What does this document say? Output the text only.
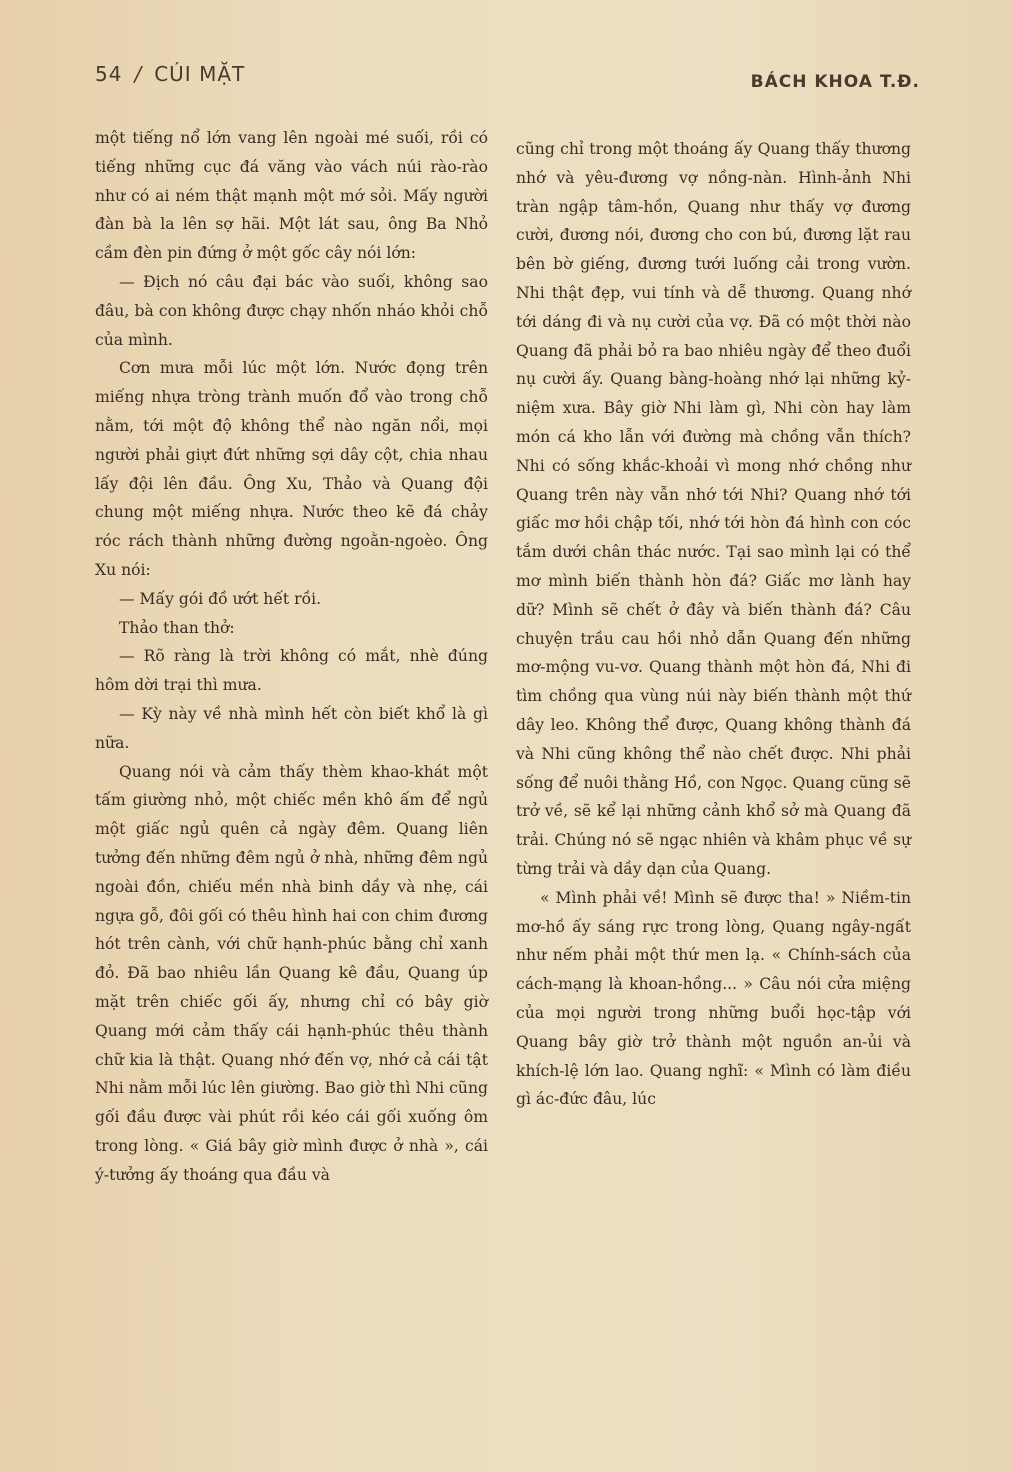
54 / CÚI MẶT	BÁCH KHOA T.Đ.

một tiếng nổ lớn vang lên ngoài mé suối, rồi có tiếng những cục đá văng vào vách núi rào-rào như có ai ném thật mạnh một mớ sỏi. Mấy người đàn bà la lên sợ hãi. Một lát sau, ông Ba Nhỏ cầm đèn pin đứng ở một gốc cây nói lớn:

— Địch nó câu đại bác vào suối, không sao đâu, bà con không được chạy nhốn nháo khỏi chỗ của mình.

Cơn mưa mỗi lúc một lớn. Nước đọng trên miếng nhựa tròng trành muốn đổ vào trong chỗ nằm, tới một độ không thể nào ngăn nổi, mọi người phải giựt đứt những sợi dây cột, chia nhau lấy đội lên đầu. Ông Xu, Thảo và Quang đội chung một miếng nhựa. Nước theo kẽ đá chảy róc rách thành những đường ngoằn-ngoèo. Ông Xu nói:

— Mấy gói đồ ướt hết rồi.

Thảo than thở:

— Rõ ràng là trời không có mắt, nhè đúng hôm dời trại thì mưa.

— Kỳ này về nhà mình hết còn biết khổ là gì nữa.

Quang nói và cảm thấy thèm khao-khát một tấm giường nhỏ, một chiếc mền khô ấm để ngủ một giấc ngủ quên cả ngày đêm. Quang liên tưởng đến những đêm ngủ ở nhà, những đêm ngủ ngoài đồn, chiếu mền nhà binh dầy và nhẹ, cái ngựa gỗ, đôi gối có thêu hình hai con chim đương hót trên cành, với chữ hạnh-phúc bằng chỉ xanh đỏ. Đã bao nhiêu lần Quang kê đầu, Quang úp mặt trên chiếc gối ấy, nhưng chỉ có bây giờ Quang mới cảm thấy cái hạnh-phúc thêu thành chữ kia là thật. Quang nhớ đến vợ, nhớ cả cái tật Nhi nằm mỗi lúc lên giường. Bao giờ thì Nhi cũng gối đầu được vài phút rồi kéo cái gối xuống ôm trong lòng. « Giá bây giờ mình được ở nhà », cái ý-tưởng ấy thoáng qua đầu và

cũng chỉ trong một thoáng ấy Quang thấy thương nhớ và yêu-đương vợ nồng-nàn. Hình-ảnh Nhi tràn ngập tâm-hồn, Quang như thấy vợ đương cười, đương nói, đương cho con bú, đương lặt rau bên bờ giếng, đương tưới luống cải trong vườn. Nhi thật đẹp, vui tính và dễ thương. Quang nhớ tới dáng đi và nụ cười của vợ. Đã có một thời nào Quang đã phải bỏ ra bao nhiêu ngày để theo đuổi nụ cười ấy. Quang bàng-hoàng nhớ lại những kỷ-niệm xưa. Bây giờ Nhi làm gì, Nhi còn hay làm món cá kho lẫn với đường mà chồng vẫn thích? Nhi có sống khắc-khoải vì mong nhớ chồng như Quang trên này vẫn nhớ tới Nhi? Quang nhớ tới giấc mơ hồi chập tối, nhớ tới hòn đá hình con cóc tắm dưới chân thác nước. Tại sao mình lại có thể mơ mình biến thành hòn đá? Giấc mơ lành hay dữ? Mình sẽ chết ở đây và biến thành đá? Câu chuyện trầu cau hồi nhỏ dẫn Quang đến những mơ-mộng vu-vơ. Quang thành một hòn đá, Nhi đi tìm chồng qua vùng núi này biến thành một thứ dây leo. Không thể được, Quang không thành đá và Nhi cũng không thể nào chết được. Nhi phải sống để nuôi thằng Hồ, con Ngọc. Quang cũng sẽ trở về, sẽ kể lại những cảnh khổ sở mà Quang đã trải. Chúng nó sẽ ngạc nhiên và khâm phục về sự từng trải và dầy dạn của Quang.

« Mình phải về! Mình sẽ được tha! » Niềm-tin mơ-hồ ấy sáng rực trong lòng, Quang ngây-ngất như nếm phải một thứ men lạ. « Chính-sách của cách-mạng là khoan-hồng... » Câu nói cửa miệng của mọi người trong những buổi học-tập với Quang bây giờ trở thành một nguồn an-ủi và khích-lệ lớn lao. Quang nghĩ: « Mình có làm điều gì ác-đức đâu, lúc
